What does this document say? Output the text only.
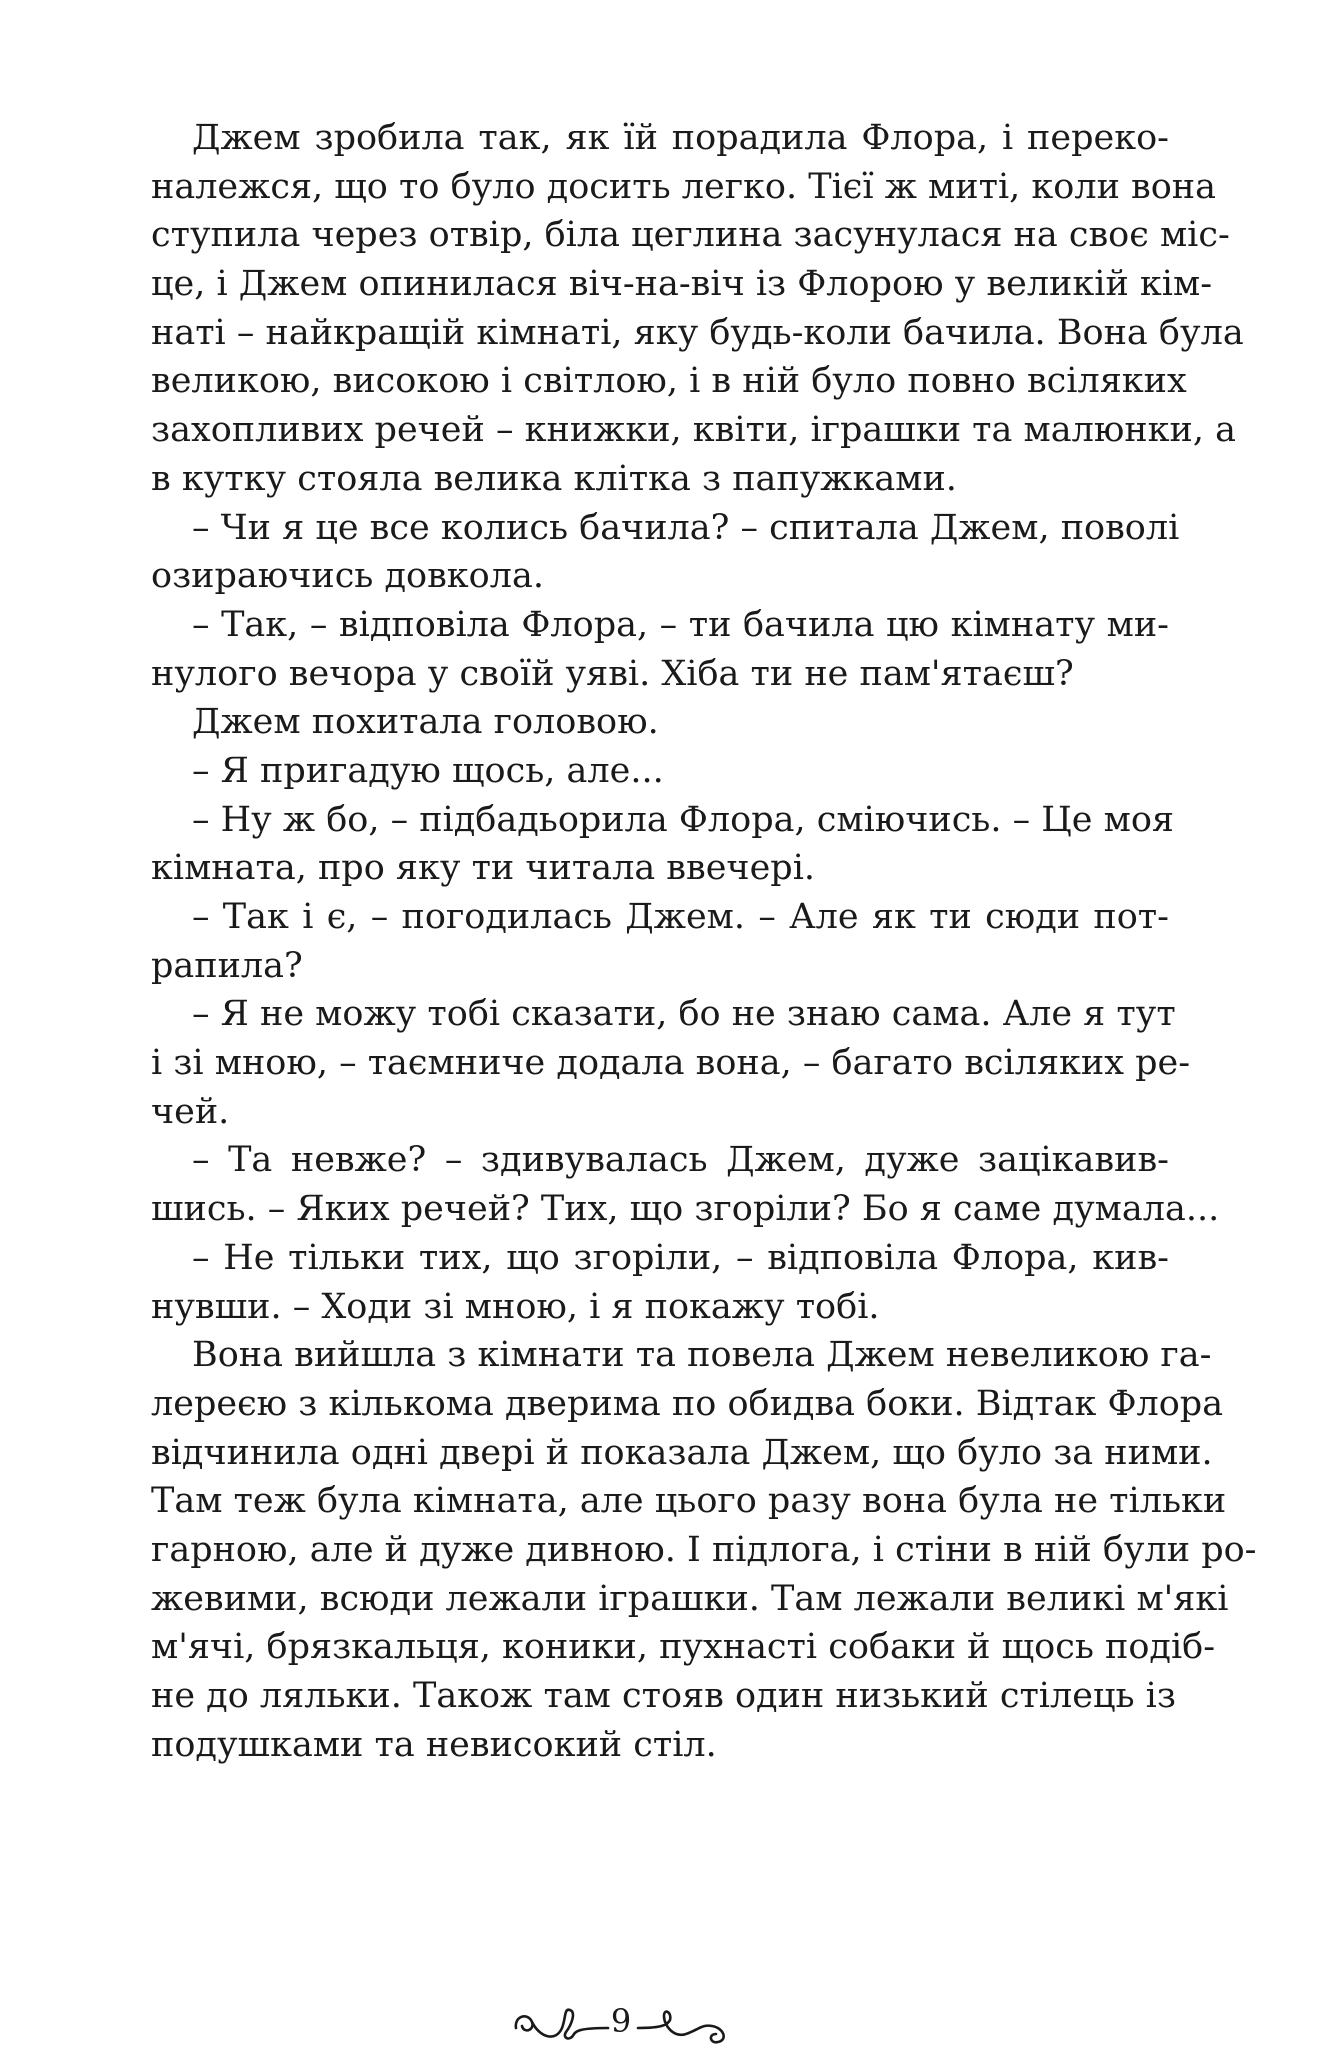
Джем зробила так, як їй порадила Флора, і переко-
належся, що то було досить легко. Тієї ж миті, коли вона
ступила через отвір, біла цеглина засунулася на своє міс-
це, і Джем опинилася віч-на-віч із Флорою у великій кім-
наті – найкращій кімнаті, яку будь-коли бачила. Вона була
великою, високою і світлою, і в ній було повно всіляких
захопливих речей – книжки, квіти, іграшки та малюнки, а
в кутку стояла велика клітка з папужками.
– Чи я це все колись бачила? – спитала Джем, поволі
озираючись довкола.
– Так, – відповіла Флора, – ти бачила цю кімнату ми-
нулого вечора у своїй уяві. Хіба ти не пам'ятаєш?
Джем похитала головою.
– Я пригадую щось, але...
– Ну ж бо, – підбадьорила Флора, сміючись. – Це моя
кімната, про яку ти читала ввечері.
– Так і є, – погодилась Джем. – Але як ти сюди пот-
рапила?
– Я не можу тобі сказати, бо не знаю сама. Але я тут
і зі мною, – таємниче додала вона, – багато всіляких ре-
чей.
– Та невже? – здивувалась Джем, дуже зацікавив-
шись. – Яких речей? Тих, що згоріли? Бо я саме думала...
– Не тільки тих, що згоріли, – відповіла Флора, кив-
нувши. – Ходи зі мною, і я покажу тобі.
Вона вийшла з кімнати та повела Джем невеликою га-
лереєю з кількома дверима по обидва боки. Відтак Флора
відчинила одні двері й показала Джем, що було за ними.
Там теж була кімната, але цього разу вона була не тільки
гарною, але й дуже дивною. І підлога, і стіни в ній були ро-
жевими, всюди лежали іграшки. Там лежали великі м'які
м'ячі, брязкальця, коники, пухнасті собаки й щось подіб-
не до ляльки. Також там стояв один низький стілець із
подушками та невисокий стіл.
9
